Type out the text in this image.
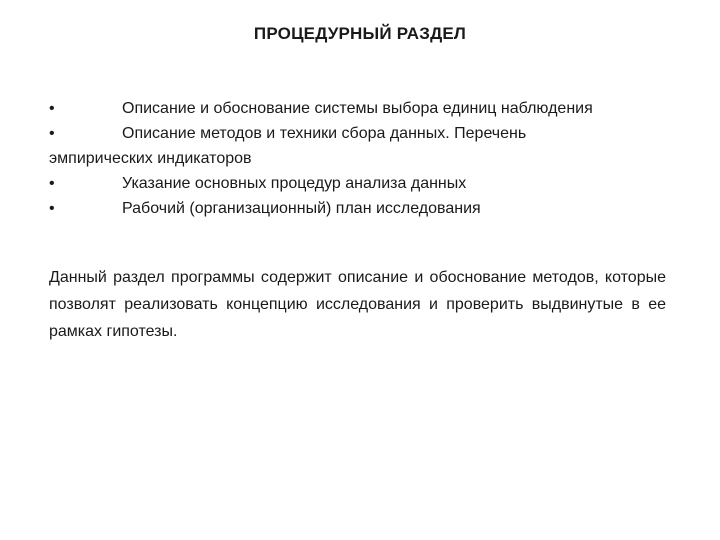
ПРОЦЕДУРНЫЙ РАЗДЕЛ
•	Описание и обоснование системы выбора единиц наблюдения
•	Описание методов и техники сбора данных. Перечень
эмпирических индикаторов
•	Указание основных процедур анализа данных
•	Рабочий (организационный) план исследования
Данный раздел программы содержит описание и обоснование методов, которые позволят реализовать концепцию исследования и проверить выдвинутые в ее рамках гипотезы.
